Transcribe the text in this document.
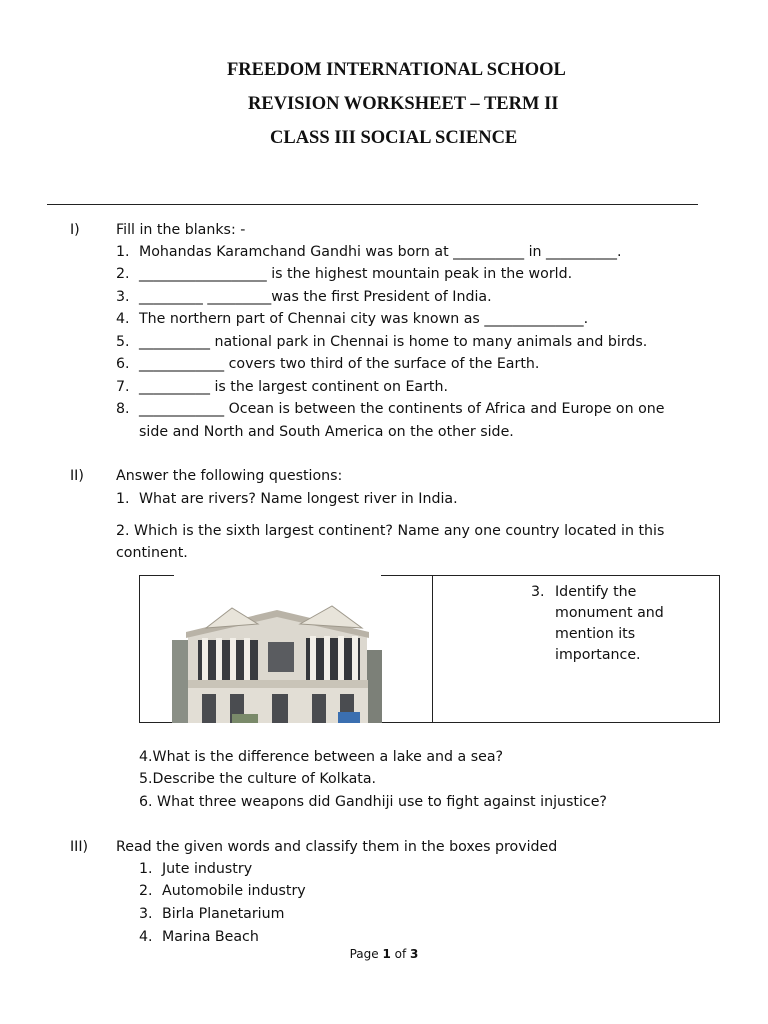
FREEDOM INTERNATIONAL SCHOOL
REVISION WORKSHEET – TERM II
CLASS III SOCIAL SCIENCE
I)	Fill in the blanks: -
1. Mohandas Karamchand Gandhi was born at __________ in __________.
2. __________________ is the highest mountain peak in the world.
3. _________ _________was the first President of India.
4. The northern part of Chennai city was known as ______________.
5. __________ national park in Chennai is home to many animals and birds.
6. ____________ covers two third of the surface of the Earth.
7. __________ is the largest continent on Earth.
8. ____________ Ocean is between the continents of Africa and Europe on one
side and North and South America on the other side.
II) Answer the following questions:
1. What are rivers? Name longest river in India.
2. Which is the sixth largest continent? Name any one country located in this
continent.
3. Identify the monument and mention its importance.
4.What is the difference between a lake and a sea?
5.Describe the culture of Kolkata.
6. What three weapons did Gandhiji use to fight against injustice?
III) Read the given words and classify them in the boxes provided
1. Jute industry
2. Automobile industry
3. Birla Planetarium
4. Marina Beach
Page 1 of 3
